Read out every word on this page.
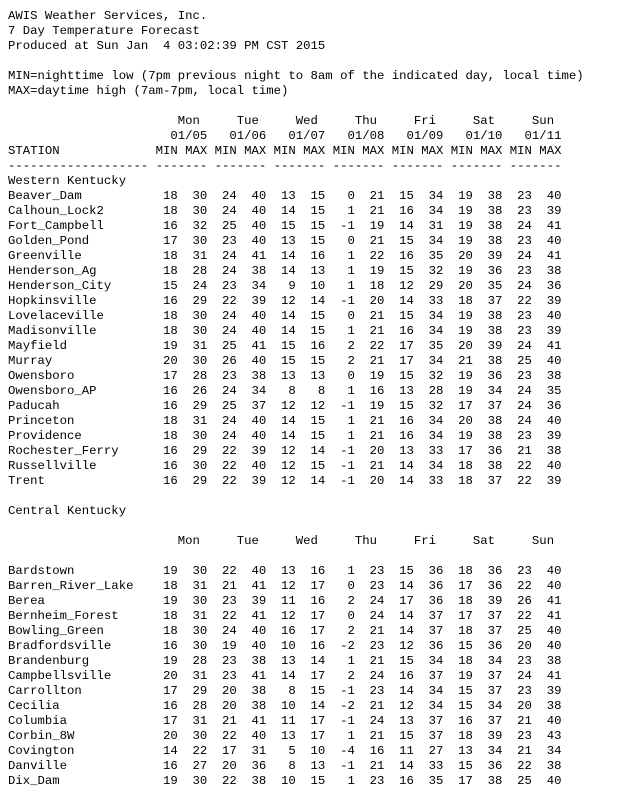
AWIS Weather Services, Inc.
7 Day Temperature Forecast
Produced at Sun Jan  4 03:02:39 PM CST 2015
MIN=nighttime low (7pm previous night to 8am of the indicated day, local time)
MAX=daytime high (7am-7pm, local time)
Mon     Tue     Wed     Thu     Fri     Sat     Sun
01/05   01/06   01/07   01/08   01/09   01/10   01/11
STATION             MIN MAX MIN MAX MIN MAX MIN MAX MIN MAX MIN MAX MIN MAX
------------------- ------- ------- ------- ------- ------- ------- -------
Western Kentucky
Beaver_Dam           18  30  24  40  13  15   0  21  15  34  19  38  23  40
Calhoun_Lock2        18  30  24  40  14  15   1  21  16  34  19  38  23  39
Fort_Campbell        16  32  25  40  15  15  -1  19  14  31  19  38  24  41
Golden_Pond          17  30  23  40  13  15   0  21  15  34  19  38  23  40
Greenville           18  31  24  41  14  16   1  22  16  35  20  39  24  41
Henderson_Ag         18  28  24  38  14  13   1  19  15  32  19  36  23  38
Henderson_City       15  24  23  34   9  10   1  18  12  29  20  35  24  36
Hopkinsville         16  29  22  39  12  14  -1  20  14  33  18  37  22  39
Lovelaceville        18  30  24  40  14  15   0  21  15  34  19  38  23  40
Madisonville         18  30  24  40  14  15   1  21  16  34  19  38  23  39
Mayfield             19  31  25  41  15  16   2  22  17  35  20  39  24  41
Murray               20  30  26  40  15  15   2  21  17  34  21  38  25  40
Owensboro            17  28  23  38  13  13   0  19  15  32  19  36  23  38
Owensboro_AP         16  26  24  34   8   8   1  16  13  28  19  34  24  35
Paducah              16  29  25  37  12  12  -1  19  15  32  17  37  24  36
Princeton            18  31  24  40  14  15   1  21  16  34  20  38  24  40
Providence           18  30  24  40  14  15   1  21  16  34  19  38  23  39
Rochester_Ferry      16  29  22  39  12  14  -1  20  13  33  17  36  21  38
Russellville         16  30  22  40  12  15  -1  21  14  34  18  38  22  40
Trent                16  29  22  39  12  14  -1  20  14  33  18  37  22  39
Central Kentucky
Mon     Tue     Wed     Thu     Fri     Sat     Sun
Bardstown            19  30  22  40  13  16   1  23  15  36  18  36  23  40
Barren_River_Lake    18  31  21  41  12  17   0  23  14  36  17  36  22  40
Berea                19  30  23  39  11  16   2  24  17  36  18  39  26  41
Bernheim_Forest      18  31  22  41  12  17   0  24  14  37  17  37  22  41
Bowling_Green        18  30  24  40  16  17   2  21  14  37  18  37  25  40
Bradfordsville       16  30  19  40  10  16  -2  23  12  36  15  36  20  40
Brandenburg          19  28  23  38  13  14   1  21  15  34  18  34  23  38
Campbellsville       20  31  23  41  14  17   2  24  16  37  19  37  24  41
Carrollton           17  29  20  38   8  15  -1  23  14  34  15  37  23  39
Cecilia              16  28  20  38  10  14  -2  21  12  34  15  34  20  38
Columbia             17  31  21  41  11  17  -1  24  13  37  16  37  21  40
Corbin_8W            20  30  22  40  13  17   1  21  15  37  18  39  23  43
Covington            14  22  17  31   5  10  -4  16  11  27  13  34  21  34
Danville             16  27  20  36   8  13  -1  21  14  33  15  36  22  38
Dix_Dam              19  30  22  38  10  15   1  23  16  35  17  38  25  40
